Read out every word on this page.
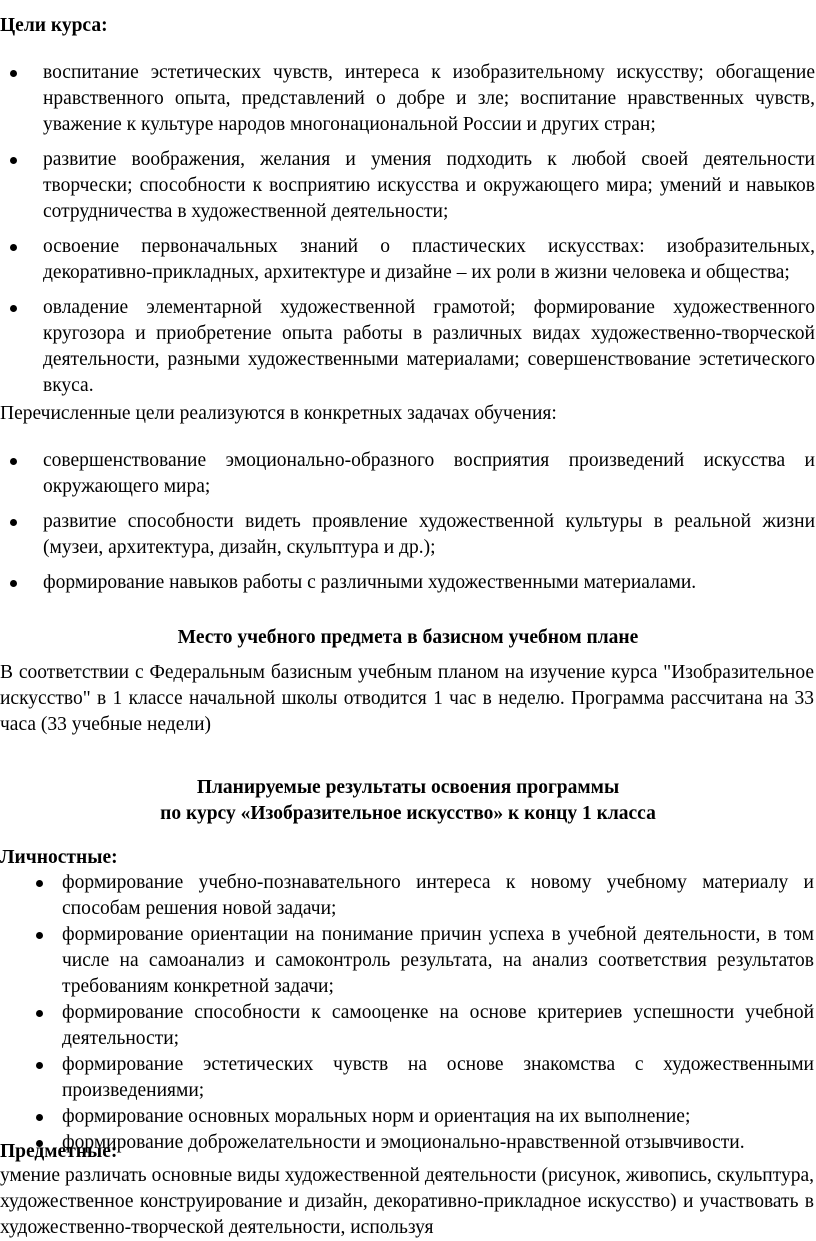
Цели курса:

воспитание эстетических чувств, интереса к изобразительному искусству; обогащение нравственного опыта, представлений о добре и зле; воспитание нравственных чувств, уважение к культуре народов многонациональной России и других стран;
развитие воображения, желания и умения подходить к любой своей деятельности творчески; способности к восприятию искусства и окружающего мира; умений и навыков сотрудничества в художественной деятельности;
освоение первоначальных знаний о пластических искусствах: изобразительных, декоративно-прикладных, архитектуре и дизайне – их роли в жизни человека и общества;
овладение элементарной художественной грамотой; формирование художественного кругозора и приобретение опыта работы в различных видах художественно-творческой деятельности, разными художественными материалами; совершенствование эстетического вкуса.

Перечисленные цели реализуются в конкретных задачах обучения:

совершенствование эмоционально-образного восприятия произведений искусства и окружающего мира;
развитие способности видеть проявление художественной культуры в реальной жизни (музеи, архитектура, дизайн, скульптура и др.);
формирование навыков работы с различными художественными материалами.

Место учебного предмета в базисном учебном плане

В соответствии с Федеральным базисным учебным планом на изучение курса "Изобразительное искусство" в 1 классе начальной школы отводится 1 час в неделю. Программа рассчитана на 33 часа (33 учебные недели)

Планируемые результаты освоения программы

по курсу «Изобразительное искусство» к концу 1 класса

Личностные:

формирование учебно-познавательного интереса к новому учебному материалу и способам решения новой задачи;
формирование ориентации на понимание причин успеха в учебной деятельности, в том числе на самоанализ и самоконтроль результата, на анализ соответствия результатов требованиям конкретной задачи;
формирование способности к самооценке на основе критериев успешности учебной деятельности;
формирование эстетических чувств на основе знакомства с художественными произведениями;
формирование основных моральных норм и ориентация на их выполнение;
формирование доброжелательности и эмоционально-нравственной отзывчивости.

Предметные:

умение различать основные виды художественной деятельности (рисунок, живопись, скульптура, художественное конструирование и дизайн, декоративно-прикладное искусство) и участвовать в художественно-творческой деятельности, используя
